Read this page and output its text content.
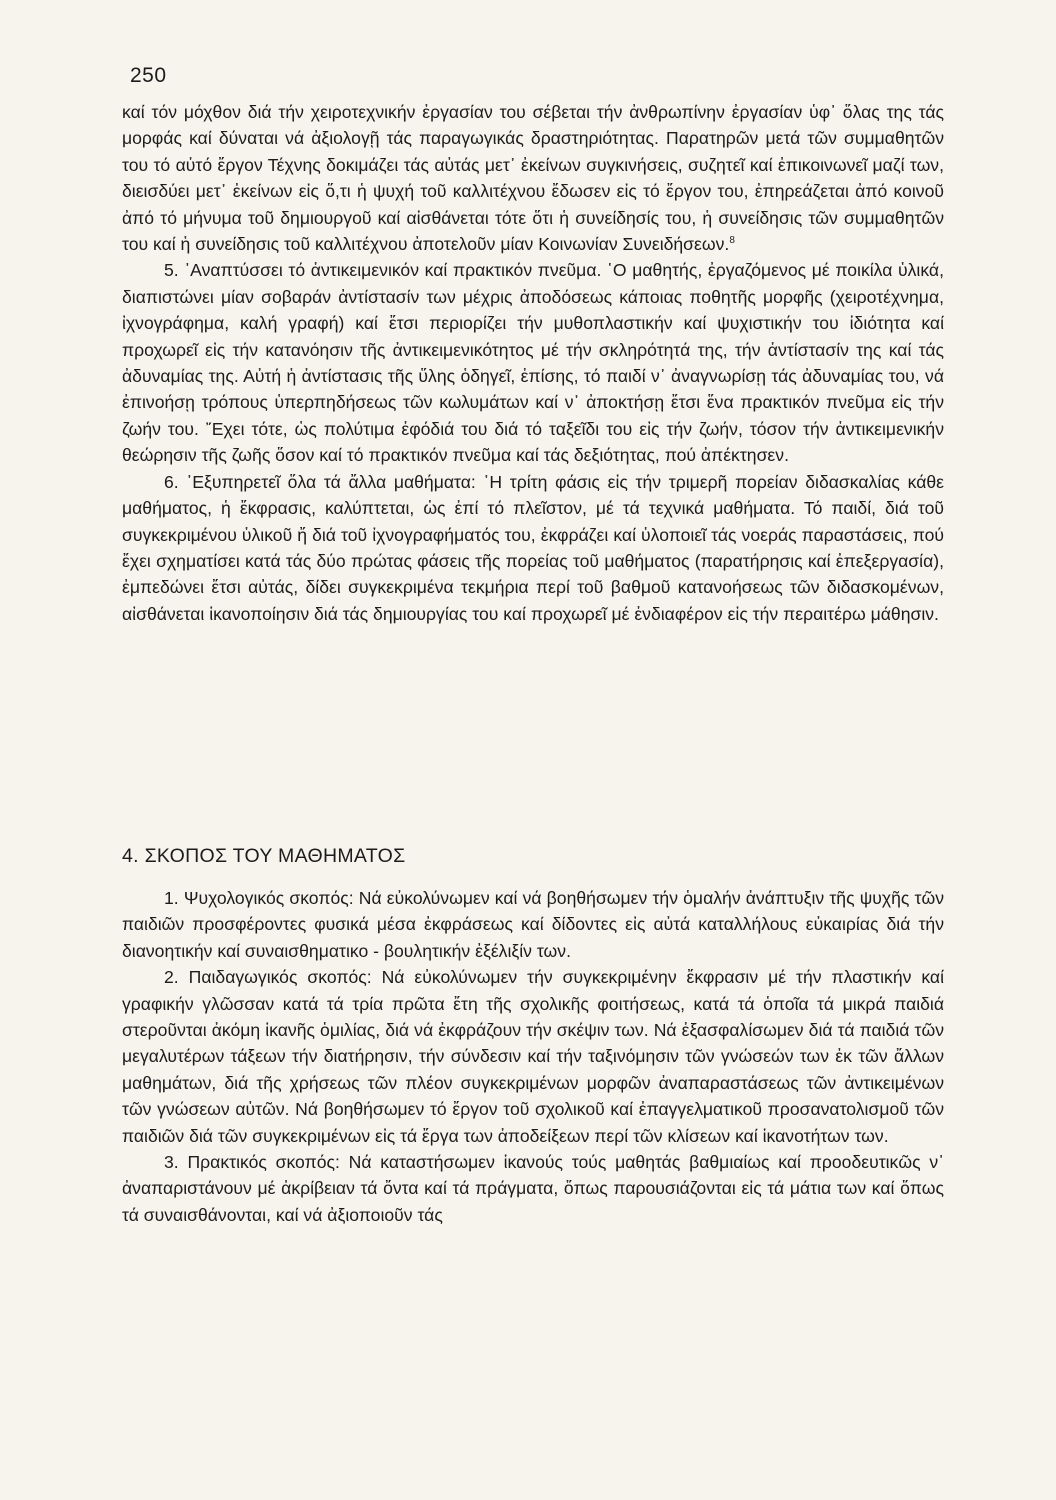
250

καί τόν μόχθον διά τήν χειροτεχνικήν ἐργασίαν του σέβεται τήν ἀνθρωπίνην ἐργασίαν ὑφ᾽ ὅλας της τάς μορφάς καί δύναται νά ἀξιολογῇ τάς παραγωγικάς δραστηριότητας. Παρατηρῶν μετά τῶν συμμαθητῶν του τό αὐτό ἔργον Τέχνης δοκιμάζει τάς αὐτάς μετ᾽ ἐκείνων συγκινήσεις, συζητεῖ καί ἐπικοινωνεῖ μαζί των, διεισδύει μετ᾽ ἐκείνων εἰς ὅ,τι ἡ ψυχή τοῦ καλλιτέχνου ἔδωσεν εἰς τό ἔργον του, ἐπηρεάζεται ἀπό κοινοῦ ἀπό τό μήνυμα τοῦ δημιουργοῦ καί αἰσθάνεται τότε ὅτι ἡ συνείδησίς του, ἡ συνείδησις τῶν συμμαθητῶν του καί ἡ συνείδησις τοῦ καλλιτέχνου ἀποτελοῦν μίαν Κοινωνίαν Συνειδήσεων.$^8$

5. ᾽Αναπτύσσει τό ἀντικειμενικόν καί πρακτικόν πνεῦμα. ῾Ο μαθητής, ἐργαζόμενος μέ ποικίλα ὑλικά, διαπιστώνει μίαν σοβαράν ἀντίστασίν των μέχρις ἀποδόσεως κάποιας ποθητῆς μορφῆς (χειροτέχνημα, ἰχνογράφημα, καλή γραφή) καί ἔτσι περιορίζει τήν μυθοπλαστικήν καί ψυχιστικήν του ἰδιότητα καί προχωρεῖ εἰς τήν κατανόησιν τῆς ἀντικειμενικότητος μέ τήν σκληρότητά της, τήν ἀντίστασίν της καί τάς ἀδυναμίας της. Αὐτή ἡ ἀντίστασις τῆς ὕλης ὁδηγεῖ, ἐπίσης, τό παιδί ν᾽ ἀναγνωρίσῃ τάς ἀδυναμίας του, νά ἐπινοήσῃ τρόπους ὑπερπηδήσεως τῶν κωλυμάτων καί ν᾽ ἀποκτήσῃ ἔτσι ἕνα πρακτικόν πνεῦμα εἰς τήν ζωήν του. ῎Εχει τότε, ὡς πολύτιμα ἐφόδιά του διά τό ταξεῖδι του εἰς τήν ζωήν, τόσον τήν ἀντικειμενικήν θεώρησιν τῆς ζωῆς ὅσον καί τό πρακτικόν πνεῦμα καί τάς δεξιότητας, πού ἀπέκτησεν.

6. ᾽Εξυπηρετεῖ ὅλα τά ἄλλα μαθήματα: ῾Η τρίτη φάσις εἰς τήν τριμερῆ πορείαν διδασκαλίας κάθε μαθήματος, ἡ ἔκφρασις, καλύπτεται, ὡς ἐπί τό πλεῖστον, μέ τά τεχνικά μαθήματα. Τό παιδί, διά τοῦ συγκεκριμένου ὑλικοῦ ἤ διά τοῦ ἰχνογραφήματός του, ἐκφράζει καί ὑλοποιεῖ τάς νοεράς παραστάσεις, πού ἔχει σχηματίσει κατά τάς δύο πρώτας φάσεις τῆς πορείας τοῦ μαθήματος (παρατήρησις καί ἐπεξεργασία), ἐμπεδώνει ἔτσι αὐτάς, δίδει συγκεκριμένα τεκμήρια περί τοῦ βαθμοῦ κατανοήσεως τῶν διδασκομένων, αἰσθάνεται ἱκανοποίησιν διά τάς δημιουργίας του καί προχωρεῖ μέ ἐνδιαφέρον εἰς τήν περαιτέρω μάθησιν.

4. ΣΚΟΠΟΣ ΤΟΥ ΜΑΘΗΜΑΤΟΣ

1. Ψυχολογικός σκοπός: Νά εὐκολύνωμεν καί νά βοηθήσωμεν τήν ὁμαλήν ἀνάπτυξιν τῆς ψυχῆς τῶν παιδιῶν προσφέροντες φυσικά μέσα ἐκφράσεως καί δίδοντες εἰς αὐτά καταλλήλους εὐκαιρίας διά τήν διανοητικήν καί συναισθηματικο - βουλητικήν ἐξέλιξίν των.

2. Παιδαγωγικός σκοπός: Νά εὐκολύνωμεν τήν συγκεκριμένην ἔκφρασιν μέ τήν πλαστικήν καί γραφικήν γλῶσσαν κατά τά τρία πρῶτα ἔτη τῆς σχολικῆς φοιτήσεως, κατά τά ὁποῖα τά μικρά παιδιά στεροῦνται ἀκόμη ἱκανῆς ὁμιλίας, διά νά ἐκφράζουν τήν σκέψιν των. Νά ἐξασφαλίσωμεν διά τά παιδιά τῶν μεγαλυτέρων τάξεων τήν διατήρησιν, τήν σύνδεσιν καί τήν ταξινόμησιν τῶν γνώσεών των ἐκ τῶν ἄλλων μαθημάτων, διά τῆς χρήσεως τῶν πλέον συγκεκριμένων μορφῶν ἀναπαραστάσεως τῶν ἀντικειμένων τῶν γνώσεων αὐτῶν. Νά βοηθήσωμεν τό ἔργον τοῦ σχολικοῦ καί ἐπαγγελματικοῦ προσανατολισμοῦ τῶν παιδιῶν διά τῶν συγκεκριμένων εἰς τά ἔργα των ἀποδείξεων περί τῶν κλίσεων καί ἱκανοτήτων των.

3. Πρακτικός σκοπός: Νά καταστήσωμεν ἱκανούς τούς μαθητάς βαθμιαίως καί προοδευτικῶς ν᾽ ἀναπαριστάνουν μέ ἀκρίβειαν τά ὄντα καί τά πράγματα, ὅπως παρουσιάζονται εἰς τά μάτια των καί ὅπως τά συναισθάνονται, καί νά ἀξιοποιοῦν τάς
